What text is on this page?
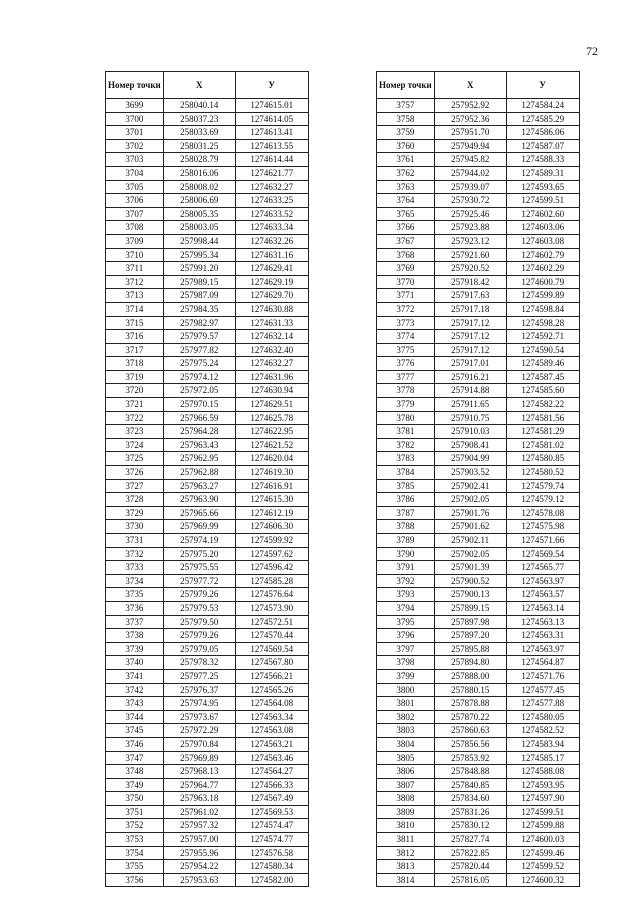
72
Номер точки	X	У
3699	258040.14	1274615.01
3700	258037.23	1274614.05
3701	258033.69	1274613.41
3702	258031.25	1274613.55
3703	258028.79	1274614.44
3704	258016.06	1274621.77
3705	258008.02	1274632.27
3706	258006.69	1274633.25
3707	258005.35	1274633.52
3708	258003.05	1274633.34
3709	257998.44	1274632.26
3710	257995.34	1274631.16
3711	257991.20	1274629.41
3712	257989.15	1274629.19
3713	257987.09	1274629.70
3714	257984.35	1274630.88
3715	257982.97	1274631.33
3716	257979.57	1274632.14
3717	257977.82	1274632.40
3718	257975.24	1274632.27
3719	257974.12	1274631.96
3720	257972.05	1274630.94
3721	257970.15	1274629.51
3722	257966.59	1274625.78
3723	257964.28	1274622.95
3724	257963.43	1274621.52
3725	257962.95	1274620.04
3726	257962.88	1274619.30
3727	257963.27	1274616.91
3728	257963.90	1274615.30
3729	257965.66	1274612.19
3730	257969.99	1274606.30
3731	257974.19	1274599.92
3732	257975.20	1274597.62
3733	257975.55	1274596.42
3734	257977.72	1274585.28
3735	257979.26	1274576.64
3736	257979.53	1274573.90
3737	257979.50	1274572.51
3738	257979.26	1274570.44
3739	257979.05	1274569.54
3740	257978.32	1274567.80
3741	257977.25	1274566.21
3742	257976.37	1274565.26
3743	257974.95	1274564.08
3744	257973.67	1274563.34
3745	257972.29	1274563.08
3746	257970.84	1274563.21
3747	257969.89	1274563.46
3748	257968.13	1274564.27
3749	257964.77	1274566.33
3750	257963.18	1274567.49
3751	257961.02	1274569.53
3752	257957.32	1274574.47
3753	257957.00	1274574.77
3754	257955.96	1274576.58
3755	257954.22	1274580.34
3756	257953.63	1274582.00
Номер точки	X	У
3757	257952.92	1274584.24
3758	257952.36	1274585.29
3759	257951.70	1274586.06
3760	257949.94	1274587.07
3761	257945.82	1274588.33
3762	257944.02	1274589.31
3763	257939.07	1274593.65
3764	257930.72	1274599.51
3765	257925.46	1274602.60
3766	257923.88	1274603.06
3767	257923.12	1274603.08
3768	257921.60	1274602.79
3769	257920.52	1274602.29
3770	257918.42	1274600.79
3771	257917.63	1274599.89
3772	257917.18	1274598.84
3773	257917.12	1274598.28
3774	257917.12	1274592.71
3775	257917.12	1274590.54
3776	257917.01	1274589.46
3777	257916.21	1274587.45
3778	257914.88	1274585.60
3779	257911.65	1274582.22
3780	257910.75	1274581.56
3781	257910.03	1274581.29
3782	257908.41	1274581.02
3783	257904.99	1274580.85
3784	257903.52	1274580.52
3785	257902.41	1274579.74
3786	257902.05	1274579.12
3787	257901.76	1274578.08
3788	257901.62	1274575.98
3789	257902.11	1274571.66
3790	257902.05	1274569.54
3791	257901.39	1274565.77
3792	257900.52	1274563.97
3793	257900.13	1274563.57
3794	257899.15	1274563.14
3795	257897.98	1274563.13
3796	257897.20	1274563.31
3797	257895.88	1274563.97
3798	257894.80	1274564.87
3799	257888.00	1274571.76
3800	257880.15	1274577.45
3801	257878.88	1274577.88
3802	257870.22	1274580.05
3803	257860.63	1274582.52
3804	257856.56	1274583.94
3805	257853.92	1274585.17
3806	257848.88	1274588.08
3807	257840.85	1274593.95
3808	257834.60	1274597.90
3809	257831.26	1274599.51
3810	257830.12	1274599.88
3811	257827.74	1274600.03
3812	257822.85	1274599.46
3813	257820.44	1274599.52
3814	257816.05	1274600.32
